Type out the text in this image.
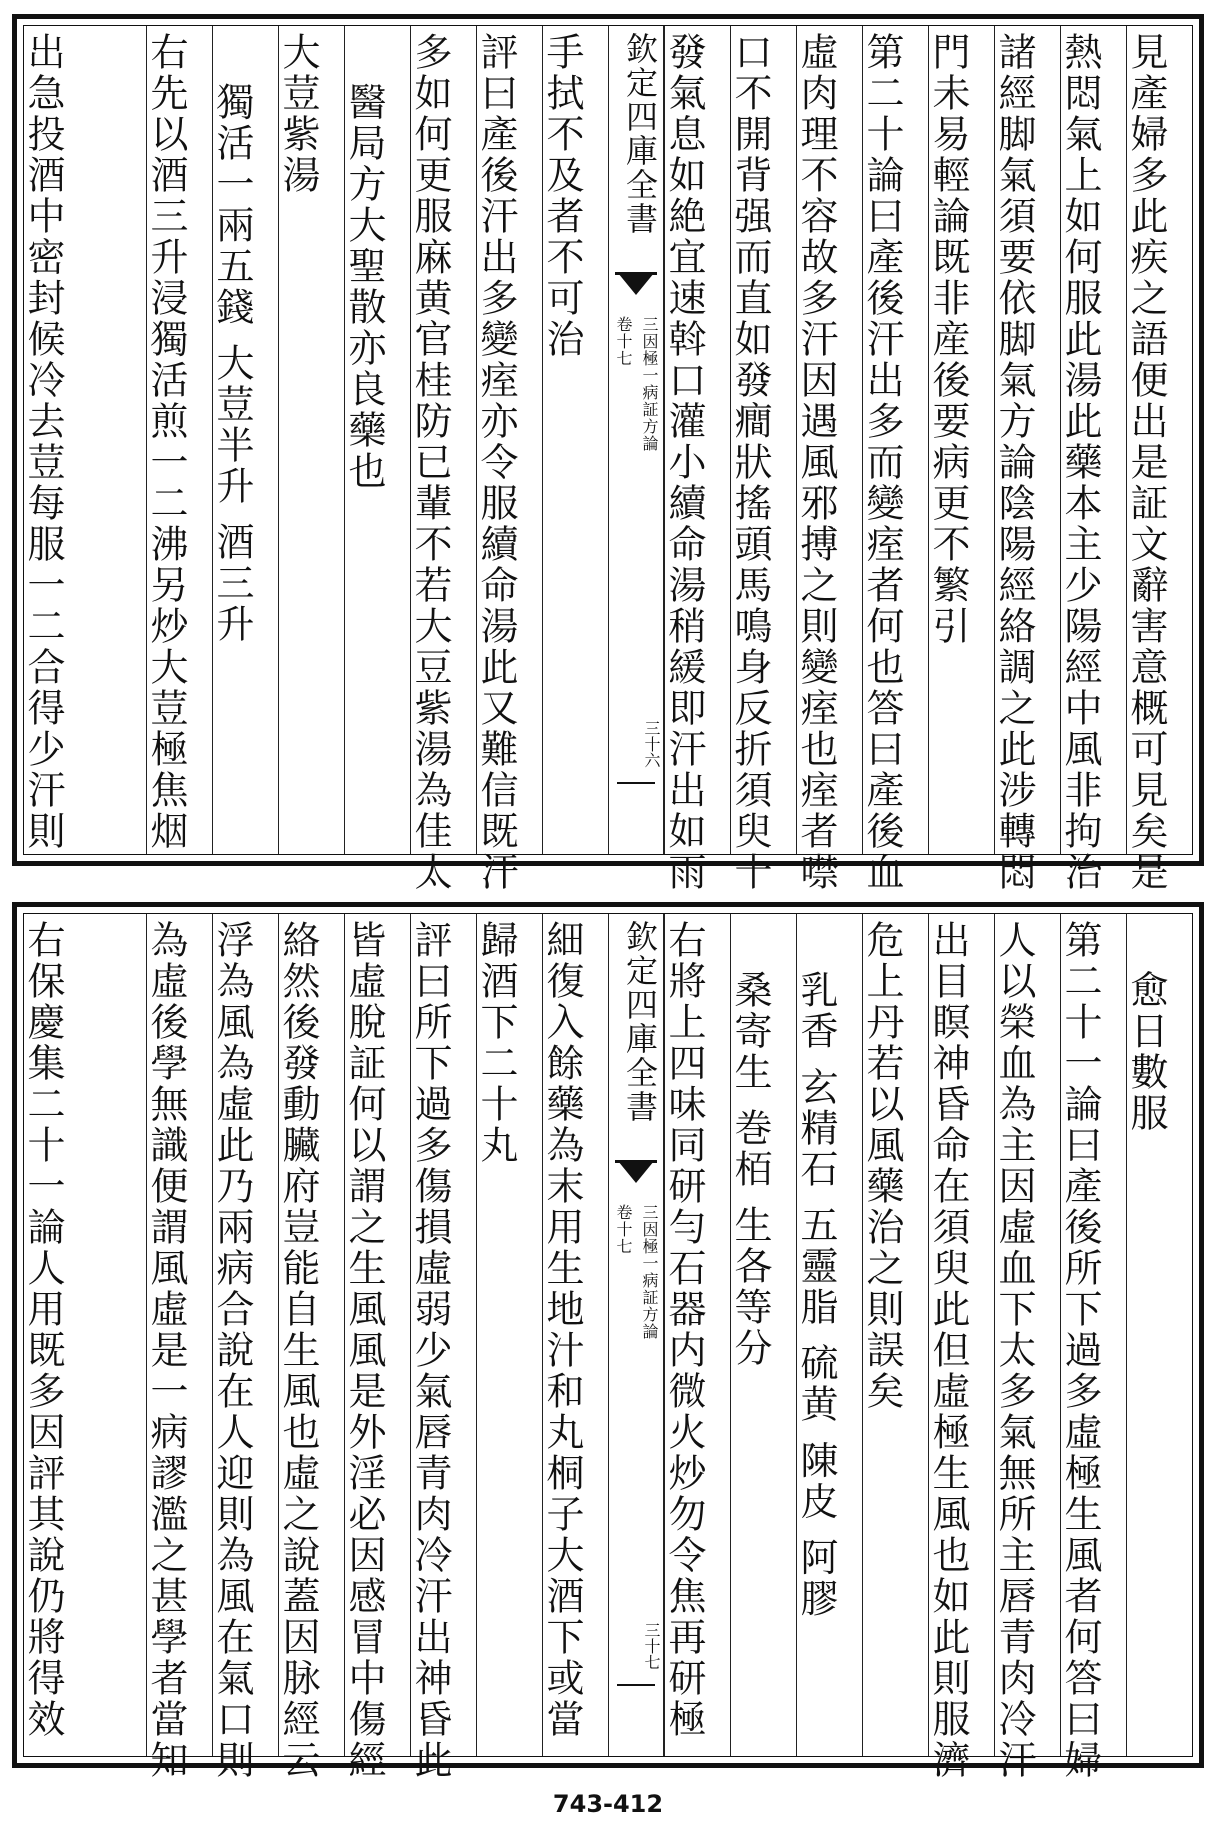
見產婦多此疾之語便出是証文辭害意概可見矣是
熱悶氣上如何服此湯此藥本主少陽經中風非拘治
諸經脚氣須要依脚氣方論陰陽經絡調之此涉轉悶
門未易輕論既非産後要病更不繁引
第二十論曰產後汗出多而變痓者何也答曰產後血
虛肉理不容故多汗因遇風邪搏之則變痓也痓者噤
口不開背强而直如發癎狀搖頭馬鳴身反折須臾十
發氣息如絶宜速斡口灌小續命湯稍緩即汗出如雨
欽定四庫全書
三因極一病証方論
卷十七
三十六
手拭不及者不可治
評曰產後汗出多變痓亦令服續命湯此又難信既汗
多如何更服麻黄官桂防已輩不若大豆紫湯為佳太
醫局方大聖散亦良藥也
大荳紫湯
獨活一兩五錢 大荳半升 酒三升
右先以酒三升浸獨活煎一二沸另炒大荳極焦烟
出急投酒中密封候冷去荳每服一二合得少汗則
愈日數服
第二十一論曰產後所下過多虛極生風者何答曰婦
人以榮血為主因虛血下太多氣無所主唇青肉冷汗
出目瞑神昏命在須臾此但虛極生風也如此則服濟
危上丹若以風藥治之則誤矣
乳香 玄精石 五靈脂 硫黄 陳皮 阿膠
桑寄生 巻栢 生各等分
右將上四味同研勻石器内微火炒勿令焦再研極
欽定四庫全書
三因極一病証方論
卷十七
三十七
細復入餘藥為末用生地汁和丸桐子大酒下或當
歸酒下二十丸
評曰所下過多傷損虛弱少氣唇青肉冷汗出神昏此
皆虛脫証何以謂之生風風是外淫必因感冒中傷經
絡然後發動臟府豈能自生風也虛之說蓋因脉經云
浮為風為虛此乃兩病合說在人迎則為風在氣口則
為虛後學無識便謂風虛是一病謬濫之甚學者當知
右保慶集二十一論人用既多因評其說仍將得效
743-412
